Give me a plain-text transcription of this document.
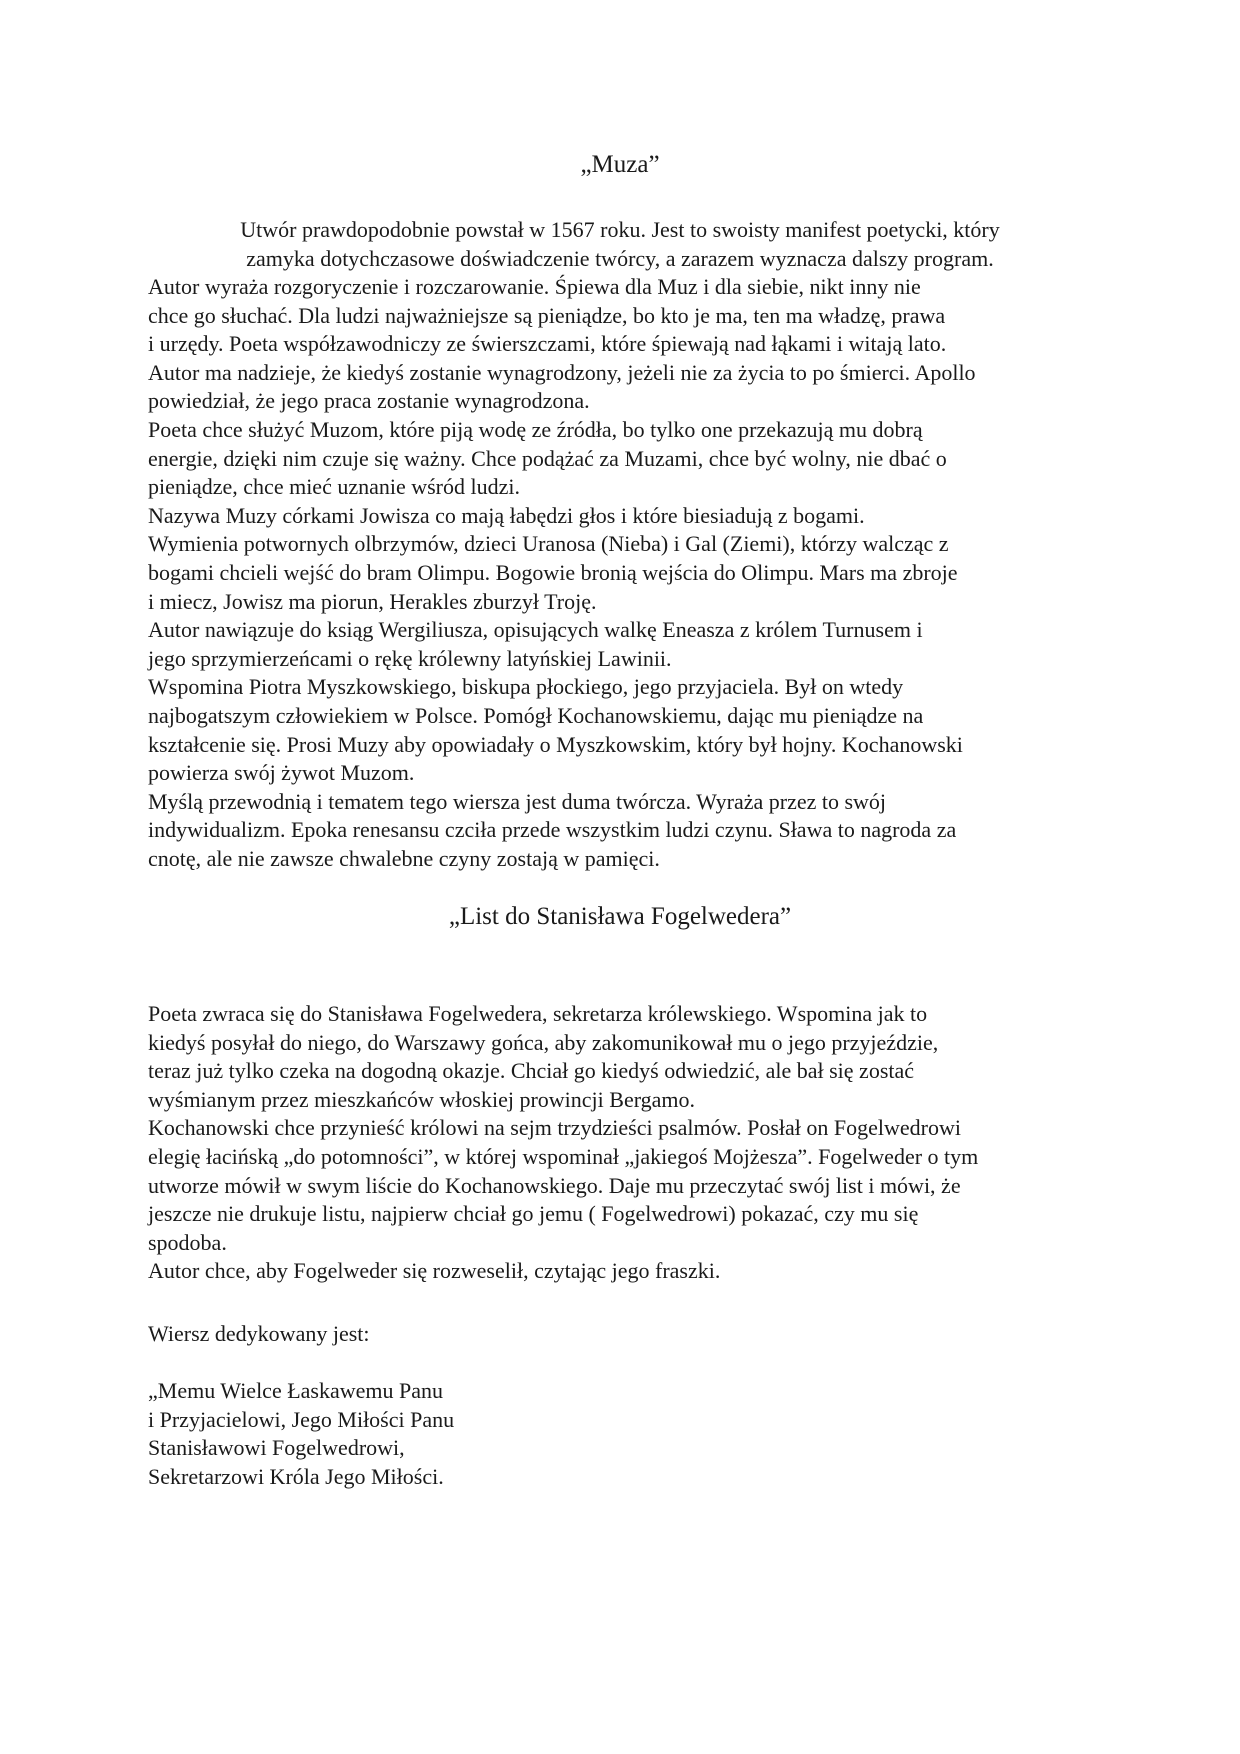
„Muza”
Utwór prawdopodobnie powstał w 1567 roku. Jest to swoisty manifest poetycki, który
zamyka dotychczasowe doświadczenie twórcy, a zarazem wyznacza dalszy program.
Autor wyraża rozgoryczenie i rozczarowanie. Śpiewa dla Muz i dla siebie, nikt inny nie
chce go słuchać. Dla ludzi najważniejsze są pieniądze, bo kto je ma, ten ma władzę, prawa
i urzędy. Poeta współzawodniczy ze świerszczami, które śpiewają nad łąkami i witają lato.
Autor ma nadzieje, że kiedyś zostanie wynagrodzony, jeżeli nie za życia to po śmierci. Apollo
powiedział, że jego praca zostanie wynagrodzona.
Poeta chce służyć Muzom, które piją wodę ze źródła, bo tylko one przekazują mu dobrą
energie, dzięki nim czuje się ważny. Chce podążać za Muzami, chce być wolny, nie dbać o
pieniądze, chce mieć uznanie wśród ludzi.
Nazywa Muzy córkami Jowisza co mają łabędzi głos i które biesiadują z bogami.
Wymienia potwornych olbrzymów, dzieci Uranosa (Nieba) i Gal (Ziemi), którzy walcząc z
bogami chcieli wejść do bram Olimpu. Bogowie bronią wejścia do Olimpu. Mars ma zbroje
i miecz, Jowisz ma piorun, Herakles zburzył Troję.
Autor nawiązuje do ksiąg Wergiliusza, opisujących walkę Eneasza z królem Turnusem i
jego sprzymierzeńcami o rękę królewny latyńskiej Lawinii.
Wspomina Piotra Myszkowskiego, biskupa płockiego, jego przyjaciela. Był on wtedy
najbogatszym człowiekiem w Polsce. Pomógł Kochanowskiemu, dając mu pieniądze na
kształcenie się. Prosi Muzy aby opowiadały o Myszkowskim, który był hojny. Kochanowski
powierza swój żywot Muzom.
Myślą przewodnią i tematem tego wiersza jest duma twórcza. Wyraża przez to swój
indywidualizm. Epoka renesansu czciła przede wszystkim ludzi czynu. Sława to nagroda za
cnotę, ale nie zawsze chwalebne czyny zostają w pamięci.
„List do Stanisława Fogelwedera”
Poeta zwraca się do Stanisława Fogelwedera, sekretarza królewskiego. Wspomina jak to
kiedyś posyłał do niego, do Warszawy gońca, aby zakomunikował mu o jego przyjeździe,
teraz już tylko czeka na dogodną okazje. Chciał go kiedyś odwiedzić, ale bał się zostać
wyśmianym przez mieszkańców włoskiej prowincji Bergamo.
Kochanowski chce przynieść królowi na sejm trzydzieści psalmów. Posłał on Fogelwedrowi
elegię łacińską „do potomności”, w której wspominał „jakiegoś Mojżesza”. Fogelweder o tym
utworze mówił w swym liście do Kochanowskiego. Daje mu przeczytać swój list i mówi, że
jeszcze nie drukuje listu, najpierw chciał go jemu ( Fogelwedrowi) pokazać, czy mu się
spodoba.
Autor chce, aby Fogelweder się rozweselił, czytając jego fraszki.
Wiersz dedykowany jest:
„Memu Wielce Łaskawemu Panu
i Przyjacielowi, Jego Miłości Panu
Stanisławowi Fogelwedrowi,
Sekretarzowi Króla Jego Miłości.
